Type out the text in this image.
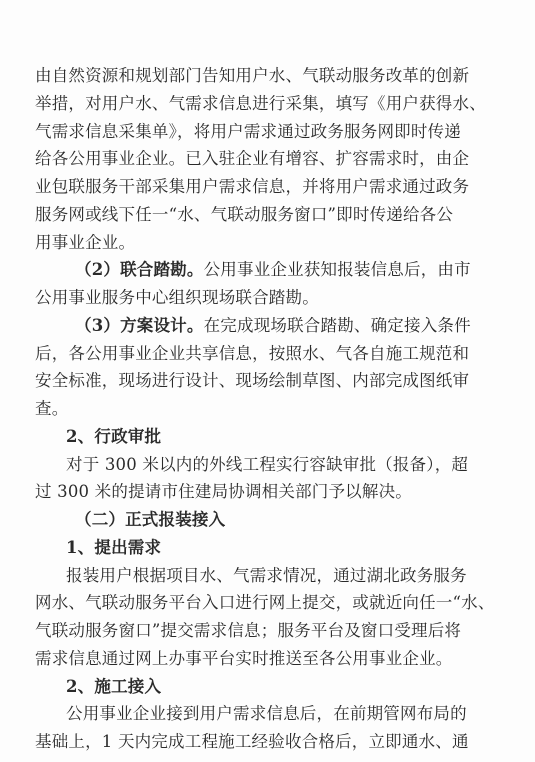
由自然资源和规划部门告知用户水、气联动服务改革的创新
举措，对用户水、气需求信息进行采集，填写《用户获得水、
气需求信息采集单》，将用户需求通过政务服务网即时传递
给各公用事业企业。已入驻企业有增容、扩容需求时，由企
业包联服务干部采集用户需求信息，并将用户需求通过政务
服务网或线下任一“水、气联动服务窗口”即时传递给各公
用事业企业。
（2）联合踏勘。公用事业企业获知报装信息后，由市
公用事业服务中心组织现场联合踏勘。
（3）方案设计。在完成现场联合踏勘、确定接入条件
后，各公用事业企业共享信息，按照水、气各自施工规范和
安全标准，现场进行设计、现场绘制草图、内部完成图纸审
查。
2、行政审批
对于 300 米以内的外线工程实行容缺审批（报备），超
过 300 米的提请市住建局协调相关部门予以解决。
（二）正式报装接入
1、提出需求
报装用户根据项目水、气需求情况，通过湖北政务服务
网水、气联动服务平台入口进行网上提交，或就近向任一“水、
气联动服务窗口”提交需求信息；服务平台及窗口受理后将
需求信息通过网上办事平台实时推送至各公用事业企业。
2、施工接入
公用事业企业接到用户需求信息后，在前期管网布局的
基础上，1 天内完成工程施工经验收合格后，立即通水、通
